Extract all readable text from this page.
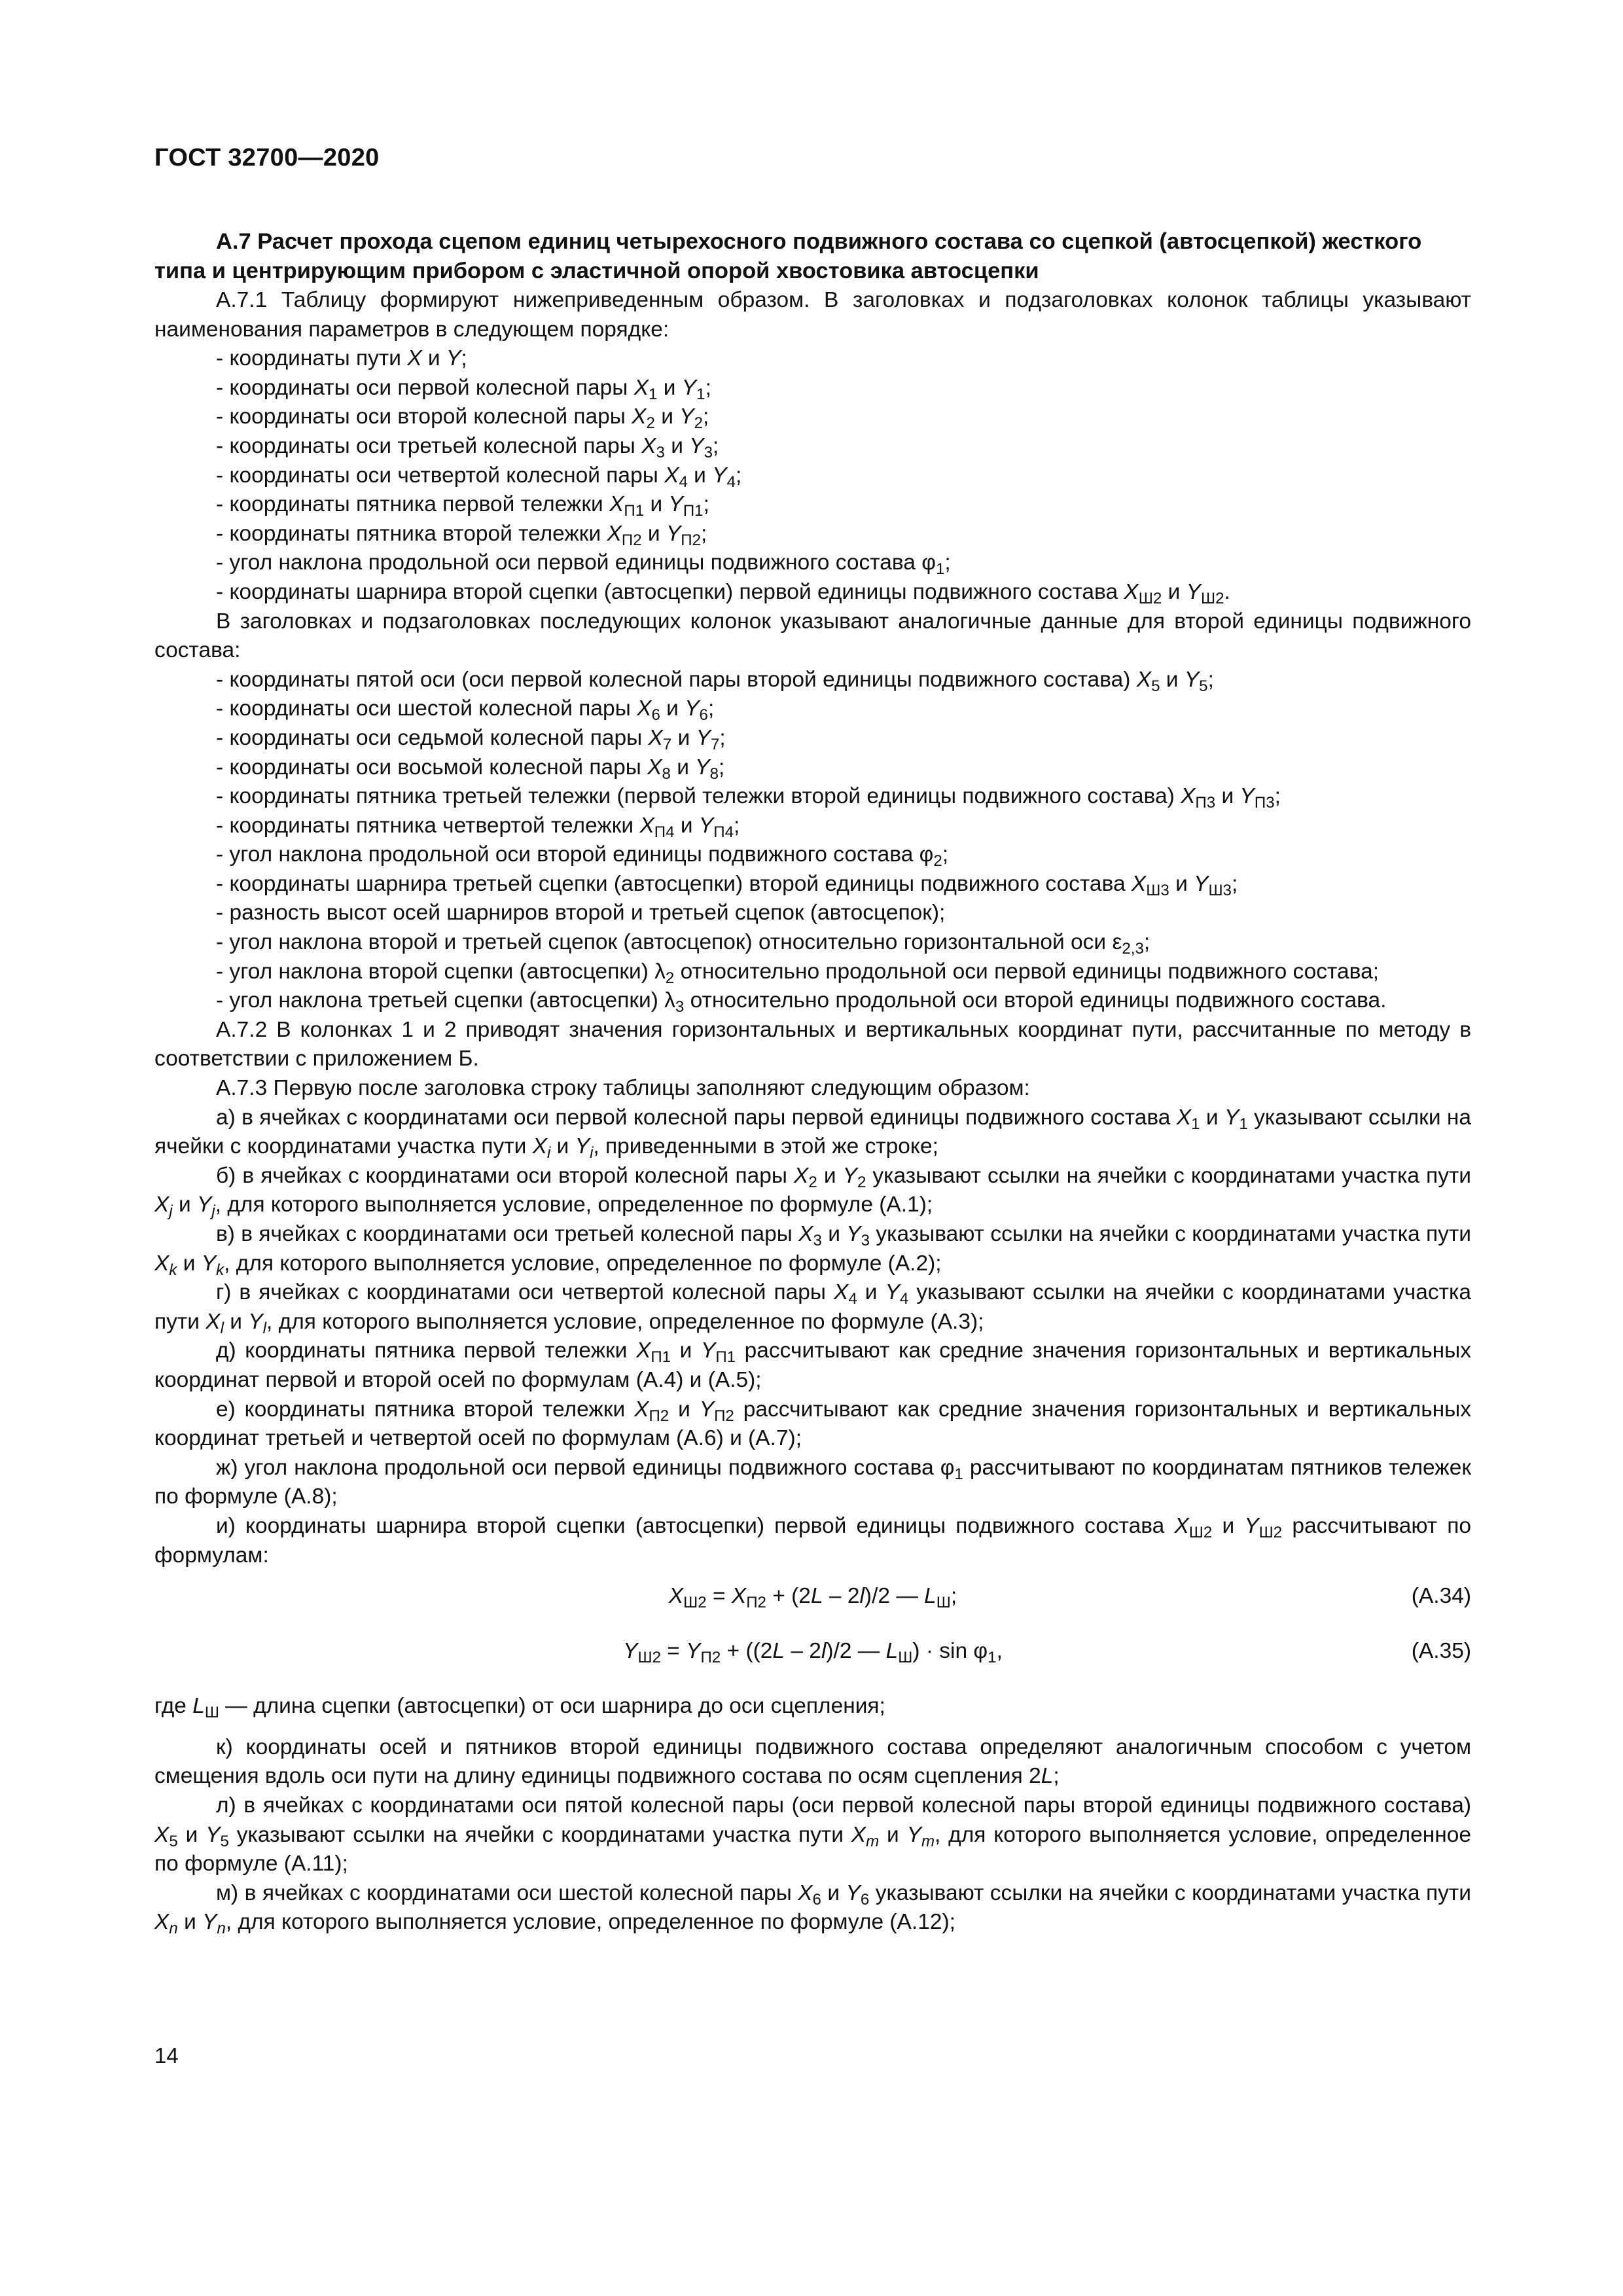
ГОСТ 32700—2020

А.7 Расчет прохода сцепом единиц четырехосного подвижного состава со сцепкой (автосцепкой) жесткого типа и центрирующим прибором с эластичной опорой хвостовика автосцепки

А.7.1 Таблицу формируют нижеприведенным образом. В заголовках и подзаголовках колонок таблицы указывают наименования параметров в следующем порядке:

- координаты пути X и Y;

- координаты оси первой колесной пары $X_1$ и $Y_1$;

- координаты оси второй колесной пары $X_2$ и $Y_2$;

- координаты оси третьей колесной пары $X_3$ и $Y_3$;

- координаты оси четвертой колесной пары $X_4$ и $Y_4$;

- координаты пятника первой тележки $X_{П1}$ и $Y_{П1}$;

- координаты пятника второй тележки $X_{П2}$ и $Y_{П2}$;

- угол наклона продольной оси первой единицы подвижного состава $\varphi_1$;

- координаты шарнира второй сцепки (автосцепки) первой единицы подвижного состава $X_{Ш2}$ и $Y_{Ш2}$.

В заголовках и подзаголовках последующих колонок указывают аналогичные данные для второй единицы подвижного состава:

- координаты пятой оси (оси первой колесной пары второй единицы подвижного состава) $X_5$ и $Y_5$;

- координаты оси шестой колесной пары $X_6$ и $Y_6$;

- координаты оси седьмой колесной пары $X_7$ и $Y_7$;

- координаты оси восьмой колесной пары $X_8$ и $Y_8$;

- координаты пятника третьей тележки (первой тележки второй единицы подвижного состава) $X_{П3}$ и $Y_{П3}$;

- координаты пятника четвертой тележки $X_{П4}$ и $Y_{П4}$;

- угол наклона продольной оси второй единицы подвижного состава $\varphi_2$;

- координаты шарнира третьей сцепки (автосцепки) второй единицы подвижного состава $X_{Ш3}$ и $Y_{Ш3}$;

- разность высот осей шарниров второй и третьей сцепок (автосцепок);

- угол наклона второй и третьей сцепок (автосцепок) относительно горизонтальной оси $\varepsilon_{2,3}$;

- угол наклона второй сцепки (автосцепки) $\lambda_2$ относительно продольной оси первой единицы подвижного состава;

- угол наклона третьей сцепки (автосцепки) $\lambda_3$ относительно продольной оси второй единицы подвижного состава.

А.7.2 В колонках 1 и 2 приводят значения горизонтальных и вертикальных координат пути, рассчитанные по методу в соответствии с приложением Б.

А.7.3 Первую после заголовка строку таблицы заполняют следующим образом:

а) в ячейках с координатами оси первой колесной пары первой единицы подвижного состава $X_1$ и $Y_1$ указывают ссылки на ячейки с координатами участка пути $X_i$ и $Y_i$, приведенными в этой же строке;

б) в ячейках с координатами оси второй колесной пары $X_2$ и $Y_2$ указывают ссылки на ячейки с координатами участка пути $X_j$ и $Y_j$, для которого выполняется условие, определенное по формуле (А.1);

в) в ячейках с координатами оси третьей колесной пары $X_3$ и $Y_3$ указывают ссылки на ячейки с координатами участка пути $X_k$ и $Y_k$, для которого выполняется условие, определенное по формуле (А.2);

г) в ячейках с координатами оси четвертой колесной пары $X_4$ и $Y_4$ указывают ссылки на ячейки с координатами участка пути $X_l$ и $Y_l$, для которого выполняется условие, определенное по формуле (А.3);

д) координаты пятника первой тележки $X_{П1}$ и $Y_{П1}$ рассчитывают как средние значения горизонтальных и вертикальных координат первой и второй осей по формулам (А.4) и (А.5);

е) координаты пятника второй тележки $X_{П2}$ и $Y_{П2}$ рассчитывают как средние значения горизонтальных и вертикальных координат третьей и четвертой осей по формулам (А.6) и (А.7);

ж) угол наклона продольной оси первой единицы подвижного состава $\varphi_1$ рассчитывают по координатам пятников тележек по формуле (А.8);

и) координаты шарнира второй сцепки (автосцепки) первой единицы подвижного состава $X_{Ш2}$ и $Y_{Ш2}$ рассчитывают по формулам:

$X_{Ш2} = X_{П2} + (2L - 2l)/2$ — $L_Ш$;	(А.34)
$Y_{Ш2} = Y_{П2} + ((2L - 2l)/2$ — $L_Ш) \cdot \sin \varphi_1$,	(А.35)

где $L_Ш$ — длина сцепки (автосцепки) от оси шарнира до оси сцепления;

к) координаты осей и пятников второй единицы подвижного состава определяют аналогичным способом с учетом смещения вдоль оси пути на длину единицы подвижного состава по осям сцепления 2L;

л) в ячейках с координатами оси пятой колесной пары (оси первой колесной пары второй единицы подвижного состава) $X_5$ и $Y_5$ указывают ссылки на ячейки с координатами участка пути $X_m$ и $Y_m$, для которого выполняется условие, определенное по формуле (А.11);

м) в ячейках с координатами оси шестой колесной пары $X_6$ и $Y_6$ указывают ссылки на ячейки с координатами участка пути $X_n$ и $Y_n$, для которого выполняется условие, определенное по формуле (А.12);

14
